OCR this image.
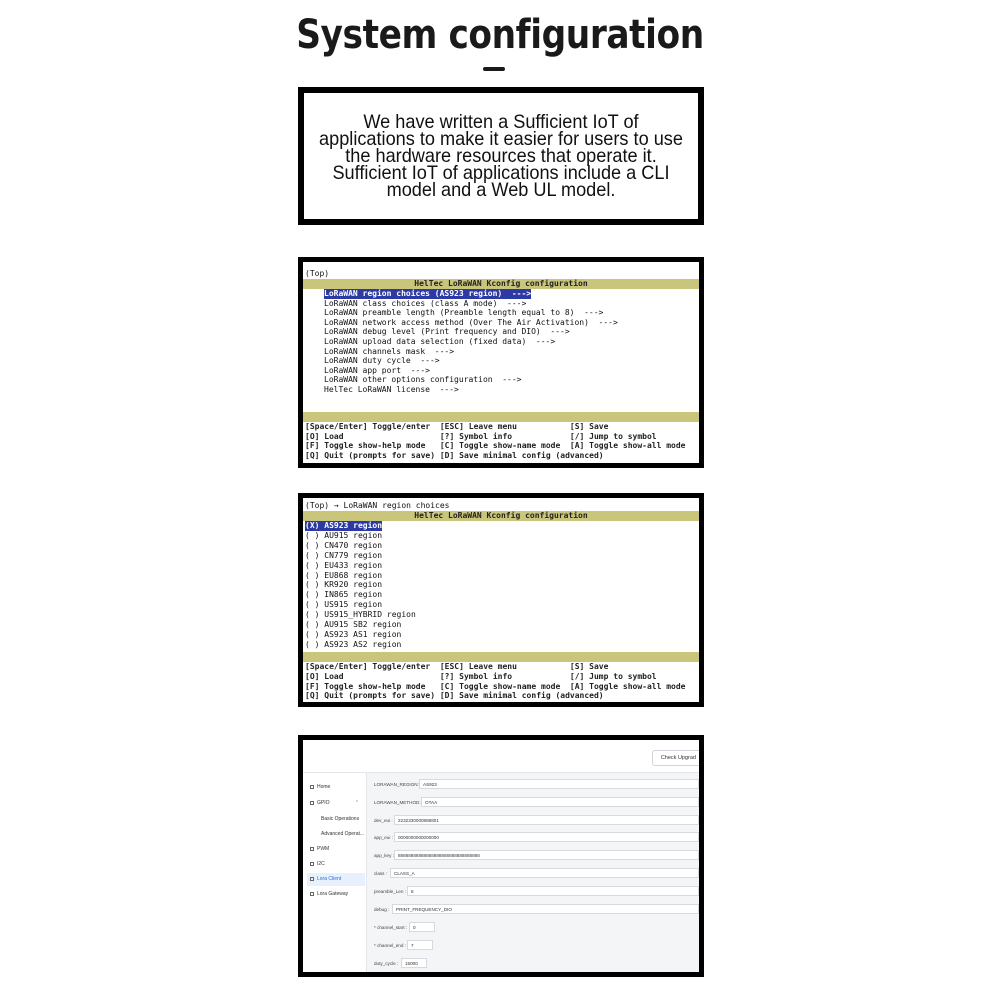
System configuration

We have written a Sufficient IoT of applications to make it easier for users to use the hardware resources that operate it. Sufficient IoT of applications include a CLI model and a Web UL model.

(Top)
HelTec LoRaWAN Kconfig configuration
LoRaWAN region choices (AS923 region)  --->
LoRaWAN class choices (class A mode)  --->
LoRaWAN preamble length (Preamble length equal to 8)  --->
LoRaWAN network access method (Over The Air Activation)  --->
LoRaWAN debug level (Print frequency and DIO)  --->
LoRaWAN upload data selection (fixed data)  --->
LoRaWAN channels mask  --->
LoRaWAN duty cycle  --->
LoRaWAN app port  --->
LoRaWAN other options configuration  --->
HelTec LoRaWAN license  --->
[Space/Enter] Toggle/enter  [ESC] Leave menu           [S] Save
[O] Load                    [?] Symbol info            [/] Jump to symbol
[F] Toggle show-help mode   [C] Toggle show-name mode  [A] Toggle show-all mode
[Q] Quit (prompts for save) [D] Save minimal config (advanced)
(Top) → LoRaWAN region choices
HelTec LoRaWAN Kconfig configuration
(X) AS923 region
( ) AU915 region
( ) CN470 region
( ) CN779 region
( ) EU433 region
( ) EU868 region
( ) KR920 region
( ) IN865 region
( ) US915 region
( ) US915_HYBRID region
( ) AU915 SB2 region
( ) AS923 AS1 region
( ) AS923 AS2 region
[Space/Enter] Toggle/enter  [ESC] Leave menu           [S] Save
[O] Load                    [?] Symbol info            [/] Jump to symbol
[F] Toggle show-help mode   [C] Toggle show-name mode  [A] Toggle show-all mode
[Q] Quit (prompts for save) [D] Save minimal config (advanced)
Check Upgrad
Home
GPIO	⌃
Basic Operations
Advanced Operat...
PWM
I2C
Lora Client
Lora Gateway
LORAWAN_REGION: AS923
LORAWAN_METHOD: OTAA
dev_eui :	2232330000888801
app_eui :	0000000000000000
app_key : 88888888888888888888888888888888
class :	CLASS_A
preamble_Len :	8
debug :	PRINT_FREQUENCY_DIO
* channel_start :	0
* channel_end :	7
duty_cycle :	15000
